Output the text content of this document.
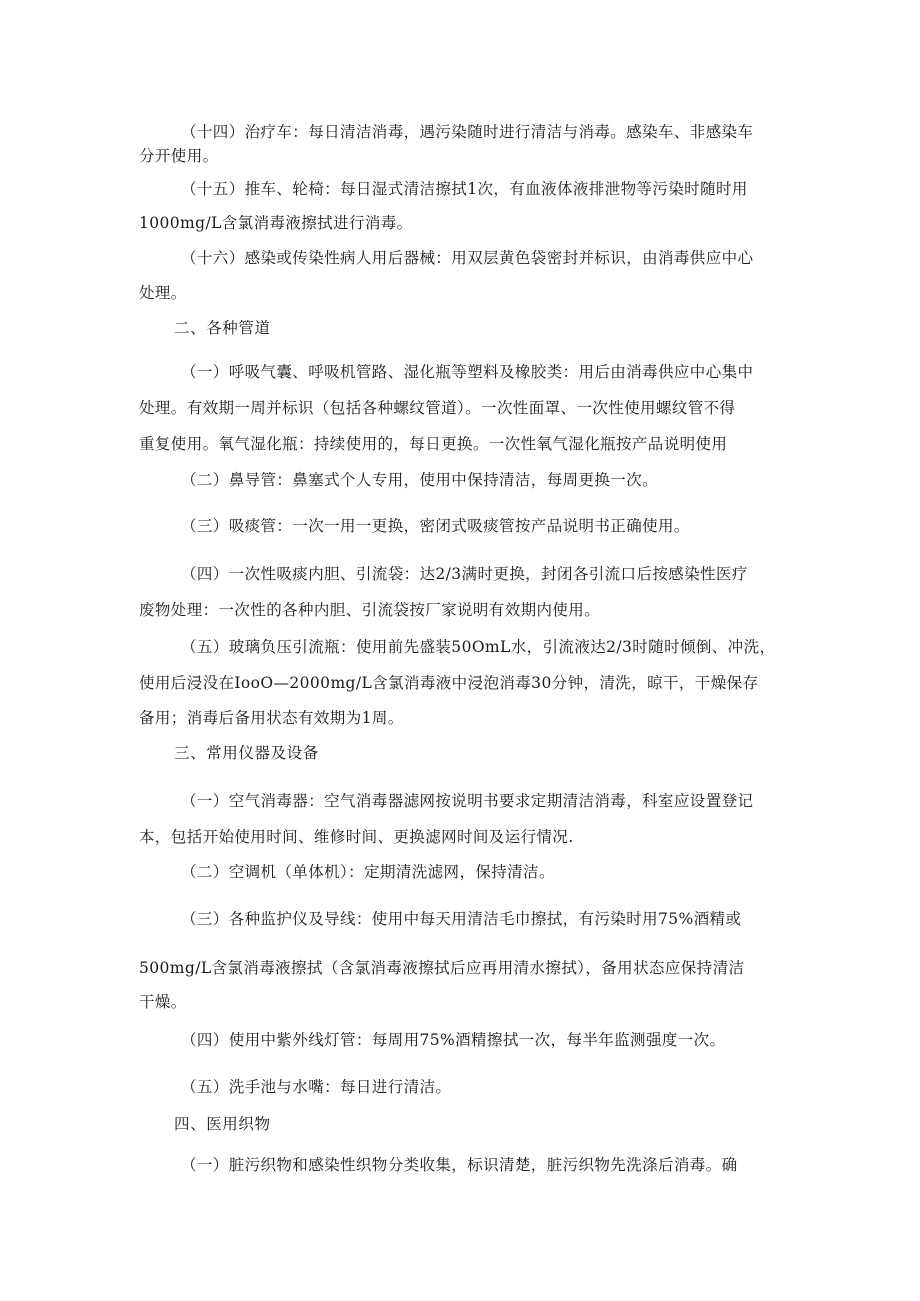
（十四）治疗车：每日清洁消毒，遇污染随时进行清洁与消毒。感染车、非感染车
分开使用。
（十五）推车、轮椅：每日湿式清洁擦拭1次，有血液体液排泄物等污染时随时用
1000mg/L含氯消毒液擦拭进行消毒。
（十六）感染或传染性病人用后器械：用双层黄色袋密封并标识，由消毒供应中心
处理。
二、各种管道
（一）呼吸气囊、呼吸机管路、湿化瓶等塑料及橡胶类：用后由消毒供应中心集中
处理。有效期一周并标识（包括各种螺纹管道）。一次性面罩、一次性使用螺纹管不得
重复使用。氧气湿化瓶：持续使用的，每日更换。一次性氧气湿化瓶按产品说明使用
（二）鼻导管：鼻塞式个人专用，使用中保持清洁，每周更换一次。
（三）吸痰管：一次一用一更换，密闭式吸痰管按产品说明书正确使用。
（四）一次性吸痰内胆、引流袋：达2/3满时更换，封闭各引流口后按感染性医疗
废物处理：一次性的各种内胆、引流袋按厂家说明有效期内使用。
（五）玻璃负压引流瓶：使用前先盛装50OmL水，引流液达2/3时随时倾倒、冲洗，
使用后浸没在IooO—2000mg/L含氯消毒液中浸泡消毒30分钟，清洗，晾干，干燥保存
备用；消毒后备用状态有效期为1周。
三、常用仪器及设备
（一）空气消毒器：空气消毒器滤网按说明书要求定期清洁消毒，科室应设置登记
本，包括开始使用时间、维修时间、更换滤网时间及运行情况.
（二）空调机（单体机）：定期清洗滤网，保持清洁。
（三）各种监护仪及导线：使用中每天用清洁毛巾擦拭，有污染时用75%酒精或
500mg/L含氯消毒液擦拭（含氯消毒液擦拭后应再用清水擦拭），备用状态应保持清洁
干燥。
（四）使用中紫外线灯管：每周用75%酒精擦拭一次，每半年监测强度一次。
（五）洗手池与水嘴：每日进行清洁。
四、医用织物
（一）脏污织物和感染性织物分类收集，标识清楚，脏污织物先洗涤后消毒。确
